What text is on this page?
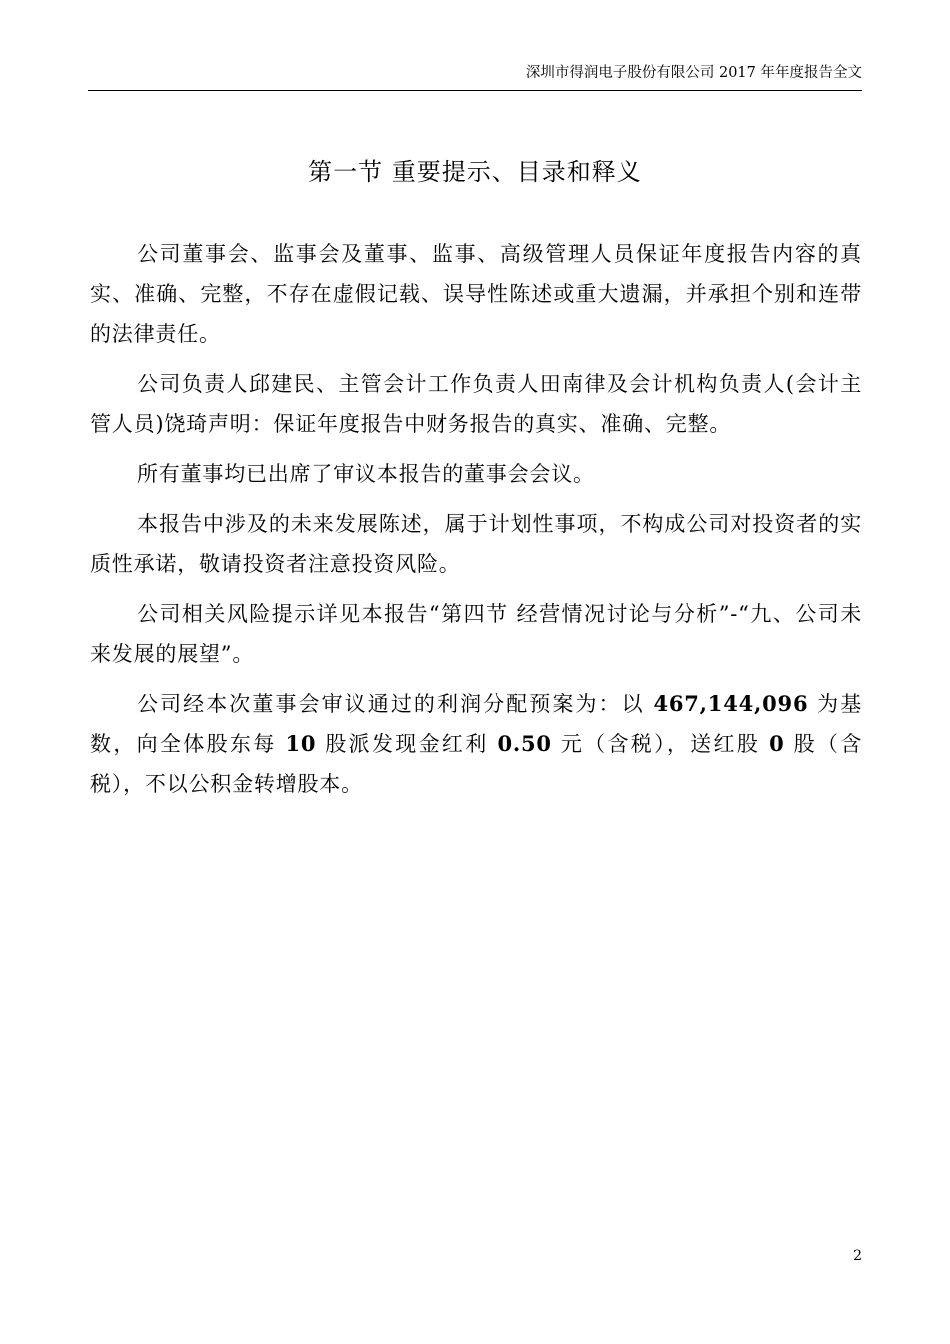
深圳市得润电子股份有限公司 2017 年年度报告全文
第一节 重要提示、目录和释义

公司董事会、监事会及董事、监事、高级管理人员保证年度报告内容的真实、准确、完整，不存在虚假记载、误导性陈述或重大遗漏，并承担个别和连带的法律责任。

公司负责人邱建民、主管会计工作负责人田南律及会计机构负责人(会计主管人员)饶琦声明：保证年度报告中财务报告的真实、准确、完整。

所有董事均已出席了审议本报告的董事会会议。

本报告中涉及的未来发展陈述，属于计划性事项，不构成公司对投资者的实质性承诺，敬请投资者注意投资风险。

公司相关风险提示详见本报告“第四节 经营情况讨论与分析”-“九、公司未来发展的展望”。

公司经本次董事会审议通过的利润分配预案为：以 467,144,096 为基数，向全体股东每 10 股派发现金红利 0.50 元（含税），送红股 0 股（含税），不以公积金转增股本。

2
